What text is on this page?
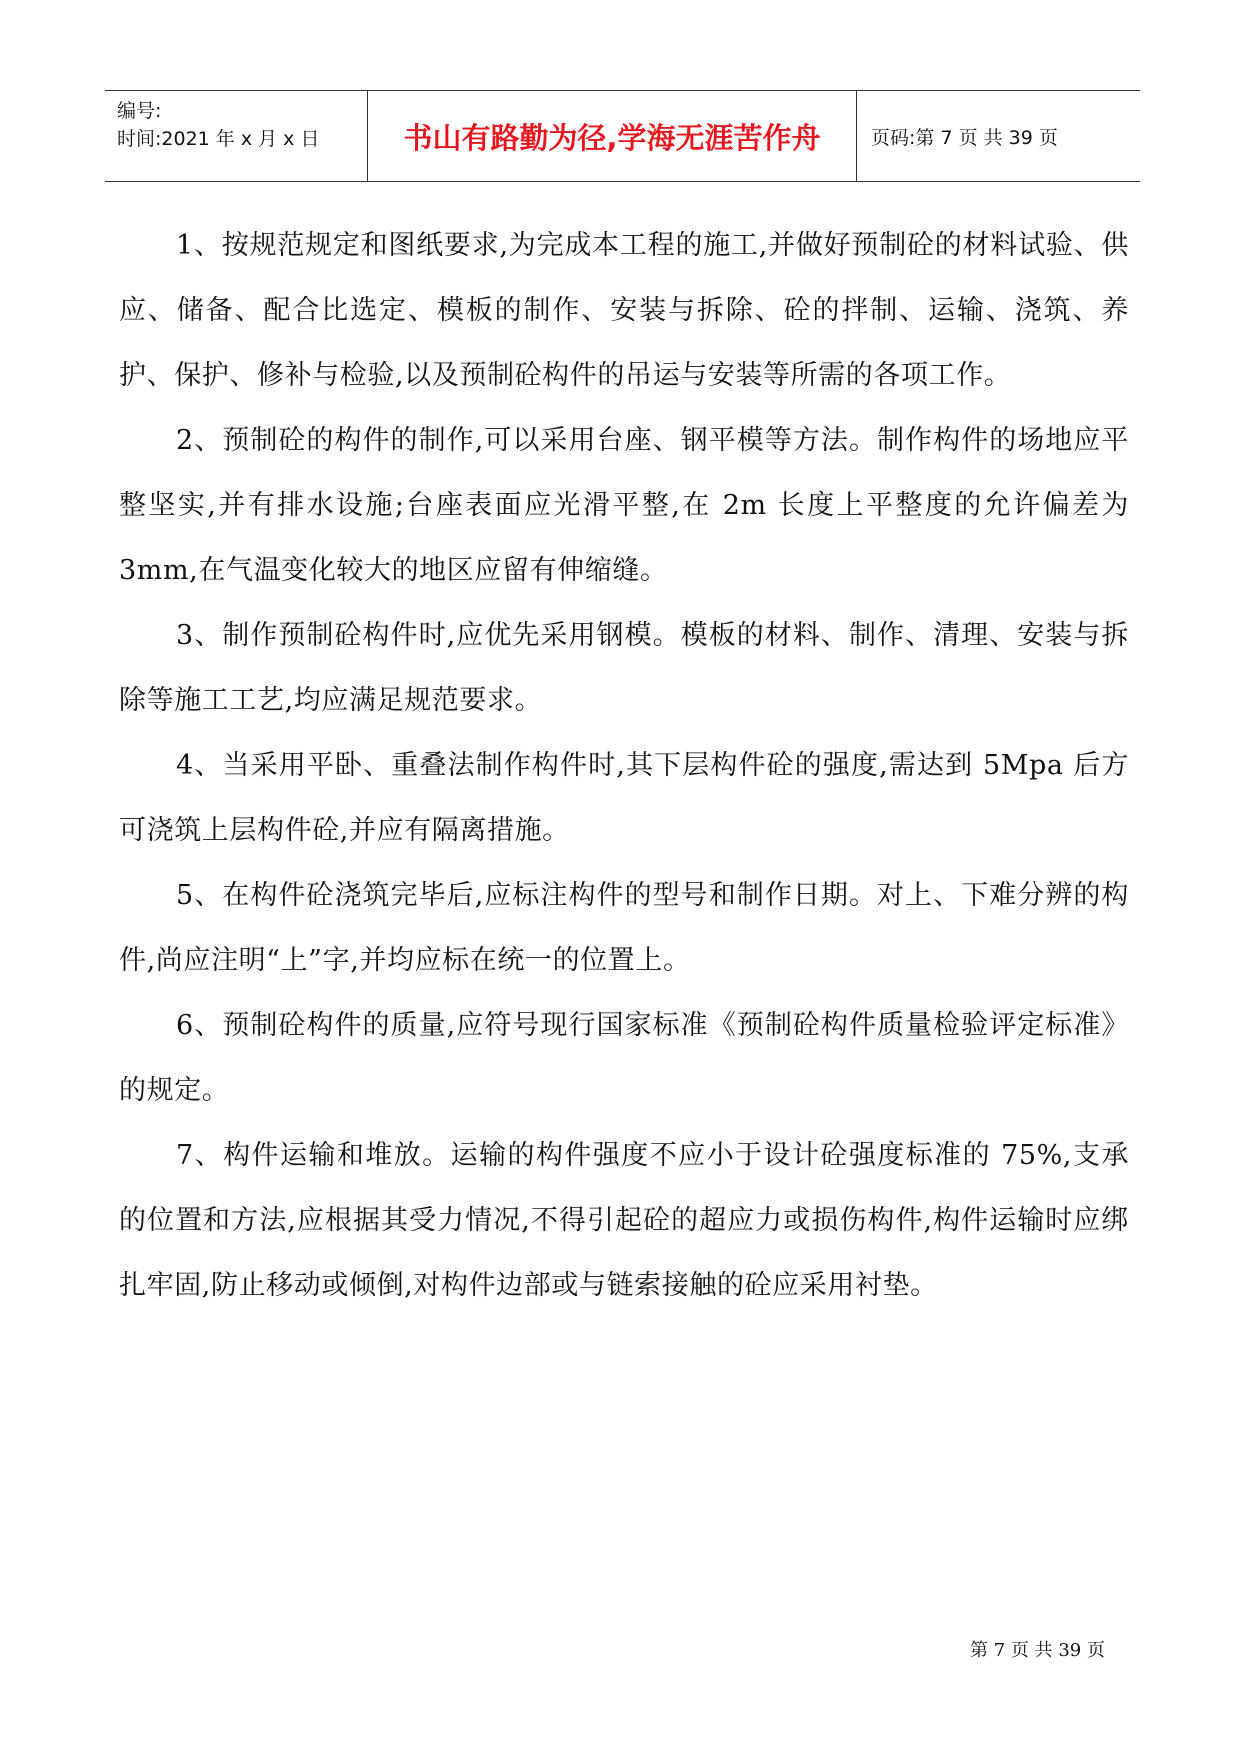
编号:
时间:2021 年 x 月 x 日	书山有路勤为径,学海无涯苦作舟	页码:第 7 页 共 39 页

1、按规范规定和图纸要求,为完成本工程的施工,并做好预制砼的材料试验、供应、储备、配合比选定、模板的制作、安装与拆除、砼的拌制、运输、浇筑、养护、保护、修补与检验,以及预制砼构件的吊运与安装等所需的各项工作。

2、预制砼的构件的制作,可以采用台座、钢平模等方法。制作构件的场地应平整坚实,并有排水设施;台座表面应光滑平整,在 2m 长度上平整度的允许偏差为 3mm,在气温变化较大的地区应留有伸缩缝。

3、制作预制砼构件时,应优先采用钢模。模板的材料、制作、清理、安装与拆除等施工工艺,均应满足规范要求。

4、当采用平卧、重叠法制作构件时,其下层构件砼的强度,需达到 5Mpa 后方可浇筑上层构件砼,并应有隔离措施。

5、在构件砼浇筑完毕后,应标注构件的型号和制作日期。对上、下难分辨的构件,尚应注明“上”字,并均应标在统一的位置上。

6、预制砼构件的质量,应符号现行国家标准《预制砼构件质量检验评定标准》的规定。

7、构件运输和堆放。运输的构件强度不应小于设计砼强度标准的 75%,支承的位置和方法,应根据其受力情况,不得引起砼的超应力或损伤构件,构件运输时应绑扎牢固,防止移动或倾倒,对构件边部或与链索接触的砼应采用衬垫。

第 7 页 共 39 页
